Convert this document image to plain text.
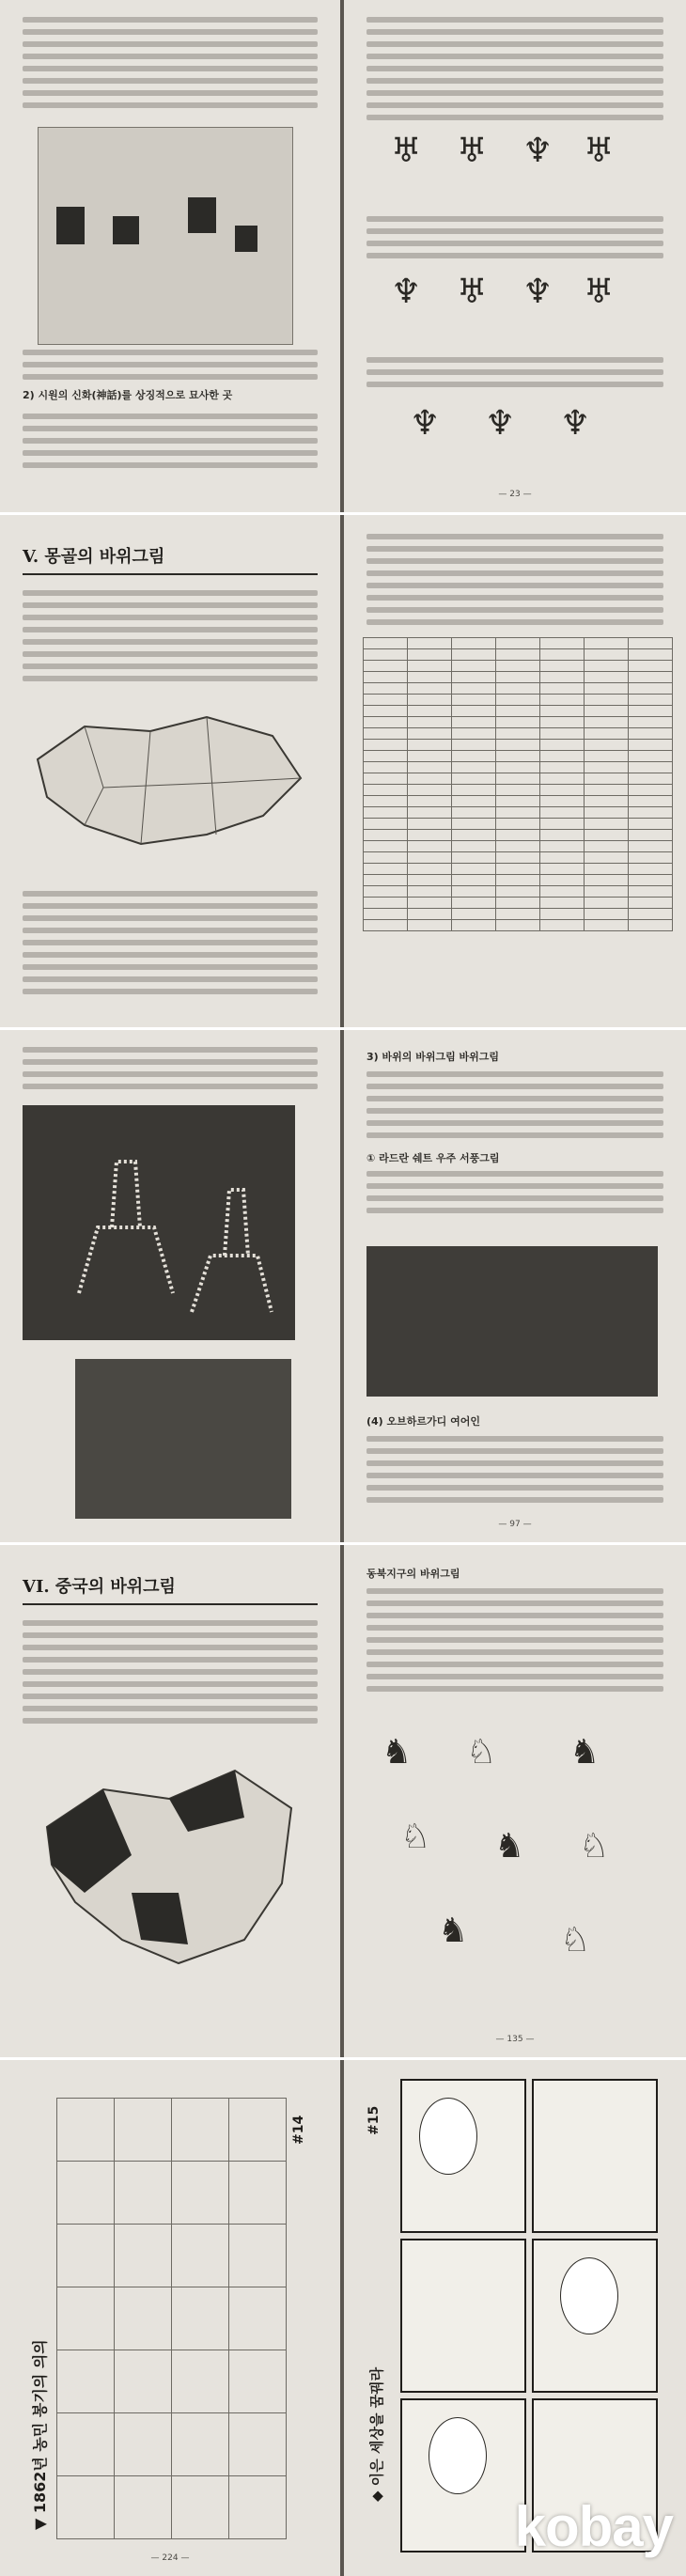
2) 시원의 신화(神話)를 상징적으로 묘사한 곳
♅ ♅ ♆ ♅
♆ ♅ ♆ ♅
♆ ♆ ♆
— 23 —
V. 몽골의 바위그림

3) 바위의 바위그림 바위그림
① 라드란 쉐트 우주 서풍그림
(4) 오브하르가디 여어인
— 97 —
VI. 중국의 바위그림
동북지구의 바위그림
♞ ♘ ♞
♘ ♞ ♘
♞	♘
— 135 —
▼ 1862년 농민 봉기의 의의
#14

— 224 —
◆ 이은 세상을 꿈꿔라
#15
kobay
